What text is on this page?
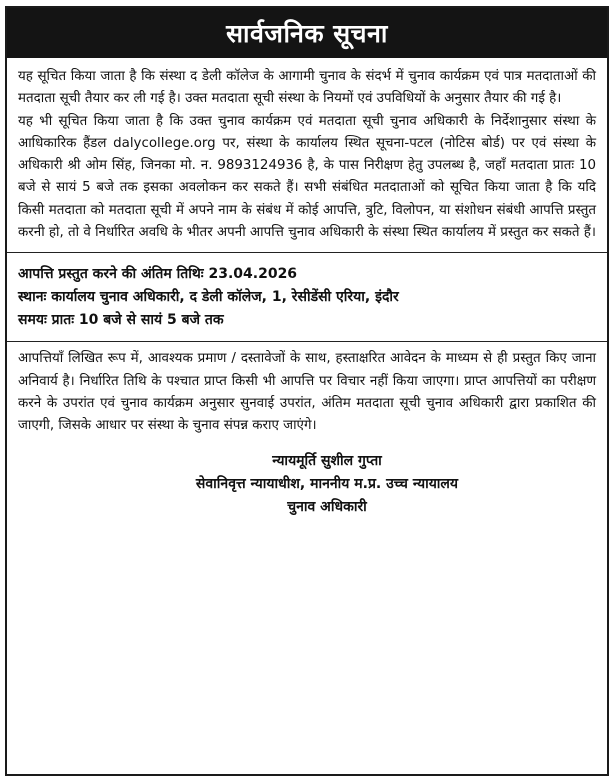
सार्वजनिक सूचना

यह सूचित किया जाता है कि संस्था द डेली कॉलेज के आगामी चुनाव के संदर्भ में चुनाव कार्यक्रम एवं पात्र मतदाताओं की मतदाता सूची तैयार कर ली गई है। उक्त मतदाता सूची संस्था के नियमों एवं उपविधियों के अनुसार तैयार की गई है।

यह भी सूचित किया जाता है कि उक्त चुनाव कार्यक्रम एवं मतदाता सूची चुनाव अधिकारी के निर्देशानुसार संस्था के आधिकारिक हैंडल dalycollege.org पर, संस्था के कार्यालय स्थित सूचना-पटल (नोटिस बोर्ड) पर एवं संस्था के अधिकारी श्री ओम सिंह, जिनका मो. न. 9893124936 है, के पास निरीक्षण हेतु उपलब्ध है, जहाँ मतदाता प्रातः 10 बजे से सायं 5 बजे तक इसका अवलोकन कर सकते हैं। सभी संबंधित मतदाताओं को सूचित किया जाता है कि यदि किसी मतदाता को मतदाता सूची में अपने नाम के संबंध में कोई आपत्ति, त्रुटि, विलोपन, या संशोधन संबंधी आपत्ति प्रस्तुत करनी हो, तो वे निर्धारित अवधि के भीतर अपनी आपत्ति चुनाव अधिकारी के संस्था स्थित कार्यालय में प्रस्तुत कर सकते हैं।

आपत्ति प्रस्तुत करने की अंतिम तिथिः 23.04.2026
स्थानः कार्यालय चुनाव अधिकारी, द डेली कॉलेज, 1, रेसीडेंसी एरिया, इंदौर
समयः प्रातः 10 बजे से सायं 5 बजे तक

आपत्तियाँ लिखित रूप में, आवश्यक प्रमाण / दस्तावेजों के साथ, हस्ताक्षरित आवेदन के माध्यम से ही प्रस्तुत किए जाना अनिवार्य है। निर्धारित तिथि के पश्चात प्राप्त किसी भी आपत्ति पर विचार नहीं किया जाएगा। प्राप्त आपत्तियों का परीक्षण करने के उपरांत एवं चुनाव कार्यक्रम अनुसार सुनवाई उपरांत, अंतिम मतदाता सूची चुनाव अधिकारी द्वारा प्रकाशित की जाएगी, जिसके आधार पर संस्था के चुनाव संपन्न कराए जाएंगे।

न्यायमूर्ति सुशील गुप्ता
सेवानिवृत्त न्यायाधीश, माननीय म.प्र. उच्च न्यायालय
चुनाव अधिकारी
